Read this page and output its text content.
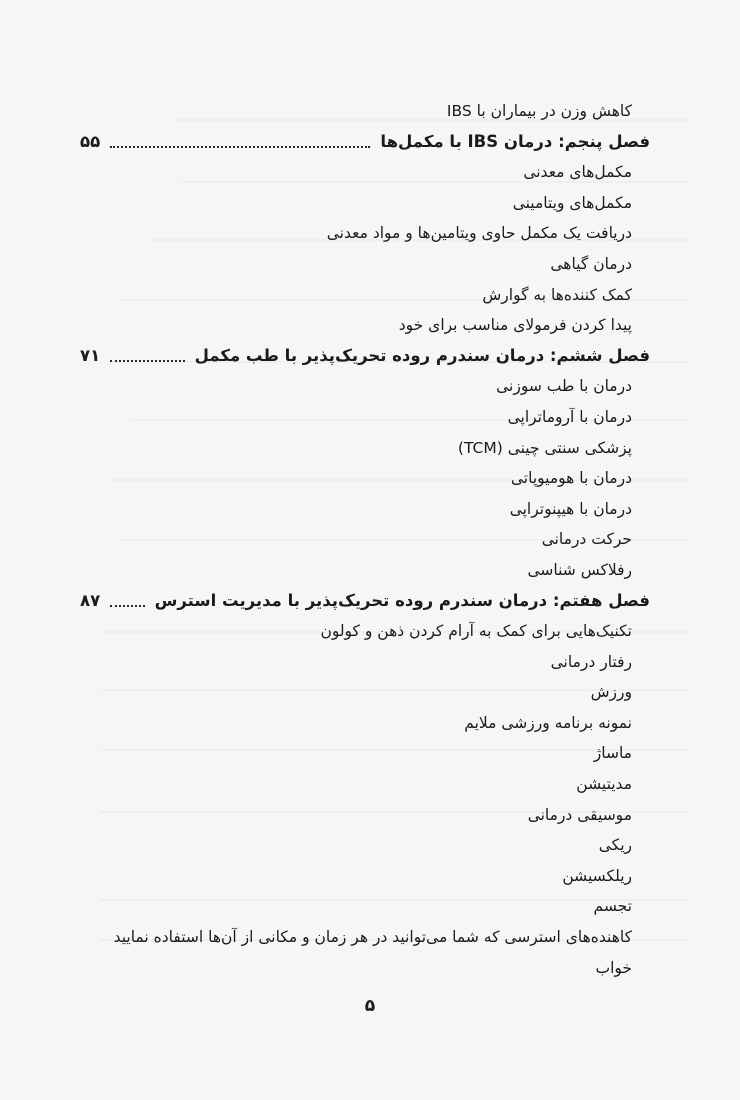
کاهش وزن در بیماران با IBS
فصل پنجم: درمان IBS با مکمل‌ها
۵۵
مکمل‌های معدنی
مکمل‌های ویتامینی
دریافت یک مکمل حاوی ویتامین‌ها و مواد معدنی
درمان گیاهی
کمک کننده‌ها به گوارش
پیدا کردن فرمولای مناسب برای خود
فصل ششم: درمان سندرم روده تحریک‌پذیر با طب مکمل
۷۱
درمان با طب سوزنی
درمان با آروماتراپی
پزشکی سنتی چینی (TCM)
درمان با هومیوپاتی
درمان با هیپنوتراپی
حرکت درمانی
رفلاکس شناسی
فصل هفتم: درمان سندرم روده تحریک‌پذیر با مدیریت استرس
۸۷
تکنیک‌هایی برای کمک به آرام کردن ذهن و کولون
رفتار درمانی
ورزش
نمونه برنامه ورزشی ملایم
ماساژ
مدیتیشن
موسیقی درمانی
ریکی
ریلکسیشن
تجسم
کاهنده‌های استرسی که شما می‌توانید در هر زمان و مکانی از آن‌ها استفاده نمایید
خواب
۵
